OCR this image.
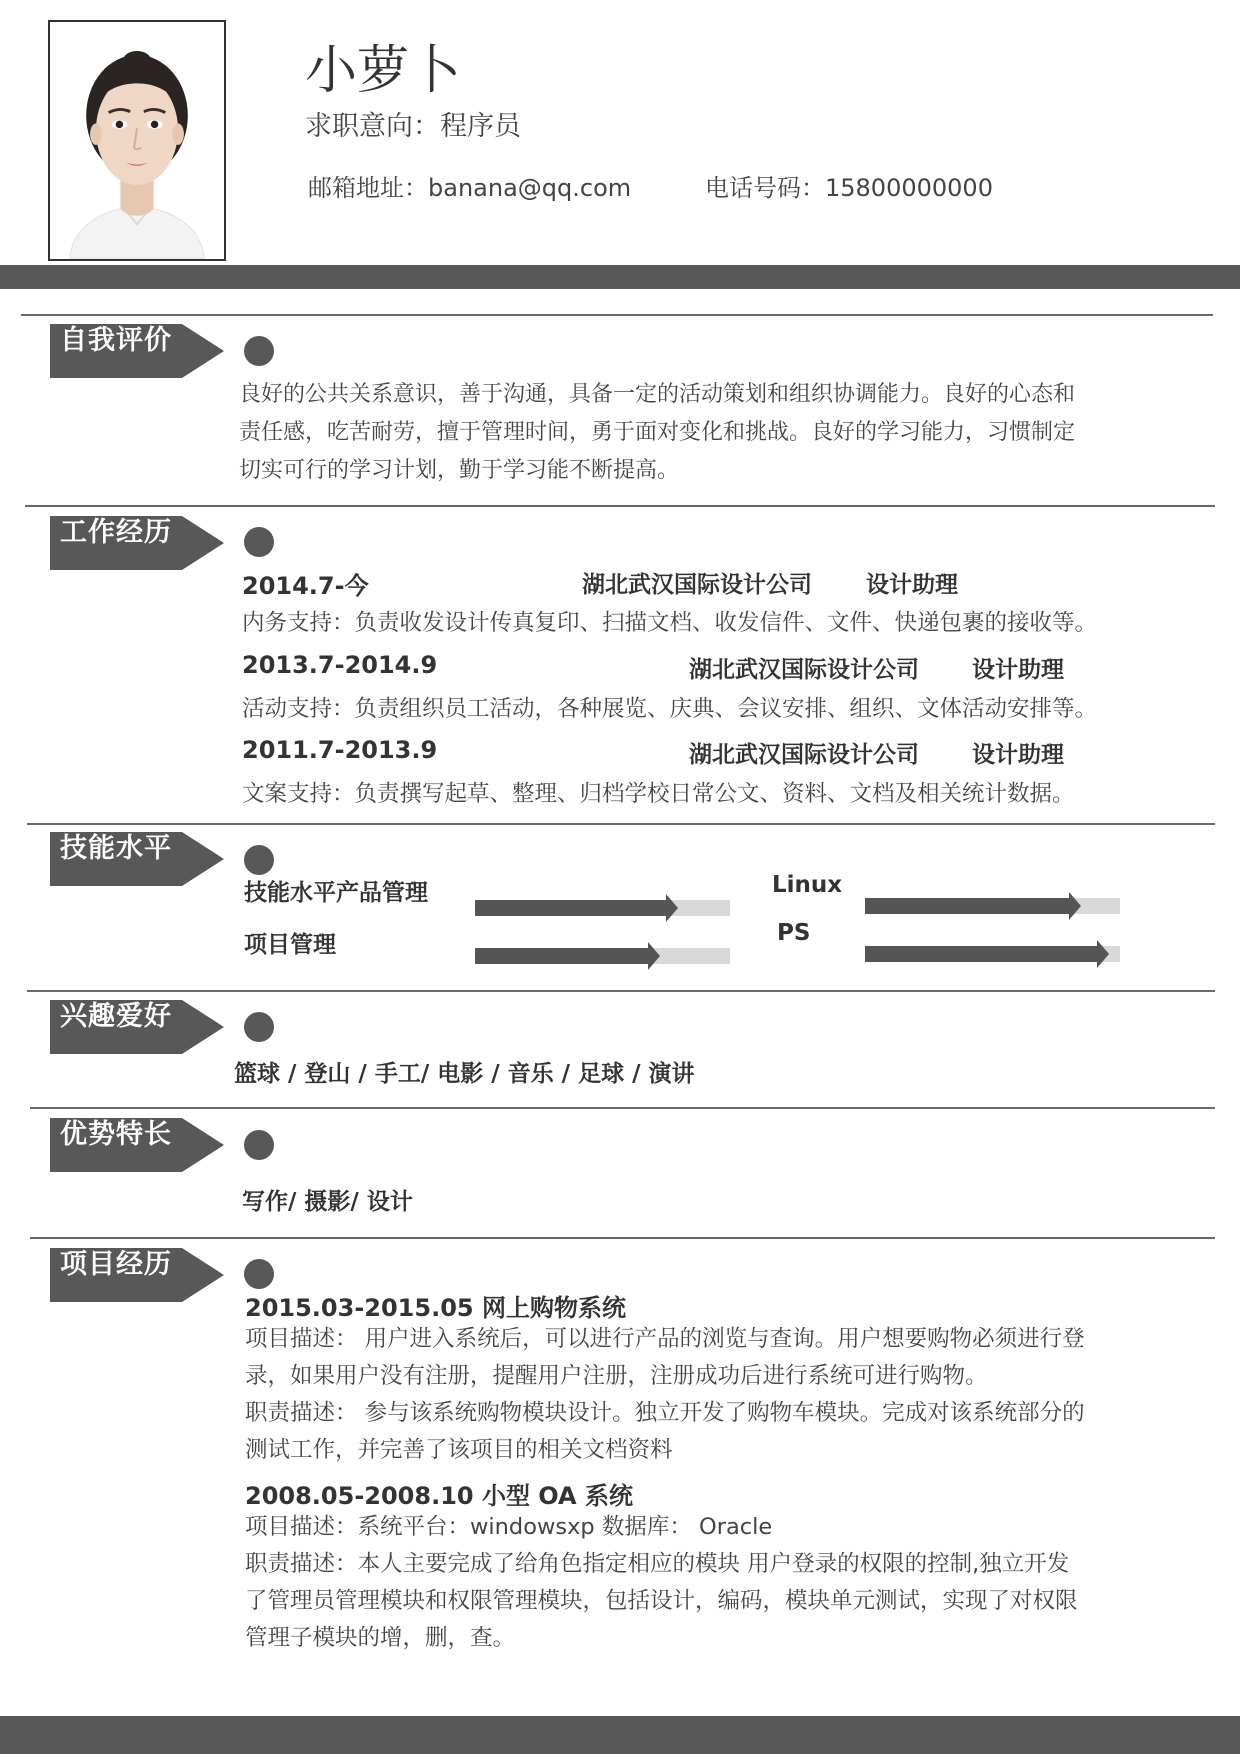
小萝卜
求职意向：程序员
邮箱地址：banana@qq.com	电话号码：15800000000
自我评价
良好的公共关系意识，善于沟通，具备一定的活动策划和组织协调能力。良好的心态和
责任感，吃苦耐劳，擅于管理时间，勇于面对变化和挑战。良好的学习能力，习惯制定
切实可行的学习计划，勤于学习能不断提高。
工作经历
2014.7-今	湖北武汉国际设计公司 设计助理
内务支持：负责收发设计传真复印、扫描文档、收发信件、文件、快递包裹的接收等。
2013.7-2014.9	湖北武汉国际设计公司 设计助理
活动支持：负责组织员工活动，各种展览、庆典、会议安排、组织、文体活动安排等。
2011.7-2013.9	湖北武汉国际设计公司 设计助理
文案支持：负责撰写起草、整理、归档学校日常公文、资料、文档及相关统计数据。
技能水平
技能水平产品管理
项目管理
Linux
PS
兴趣爱好
篮球 / 登山 / 手工/ 电影 / 音乐 / 足球 / 演讲
优势特长
写作/ 摄影/ 设计
项目经历
2015.03-2015.05 网上购物系统
项目描述： 用户进入系统后，可以进行产品的浏览与查询。用户想要购物必须进行登
录，如果用户没有注册，提醒用户注册，注册成功后进行系统可进行购物。
职责描述： 参与该系统购物模块设计。独立开发了购物车模块。完成对该系统部分的
测试工作，并完善了该项目的相关文档资料
2008.05-2008.10 小型 OA 系统
项目描述：系统平台：windowsxp 数据库： Oracle
职责描述：本人主要完成了给角色指定相应的模块 用户登录的权限的控制,独立开发
了管理员管理模块和权限管理模块，包括设计，编码，模块单元测试，实现了对权限
管理子模块的增，删，查。
